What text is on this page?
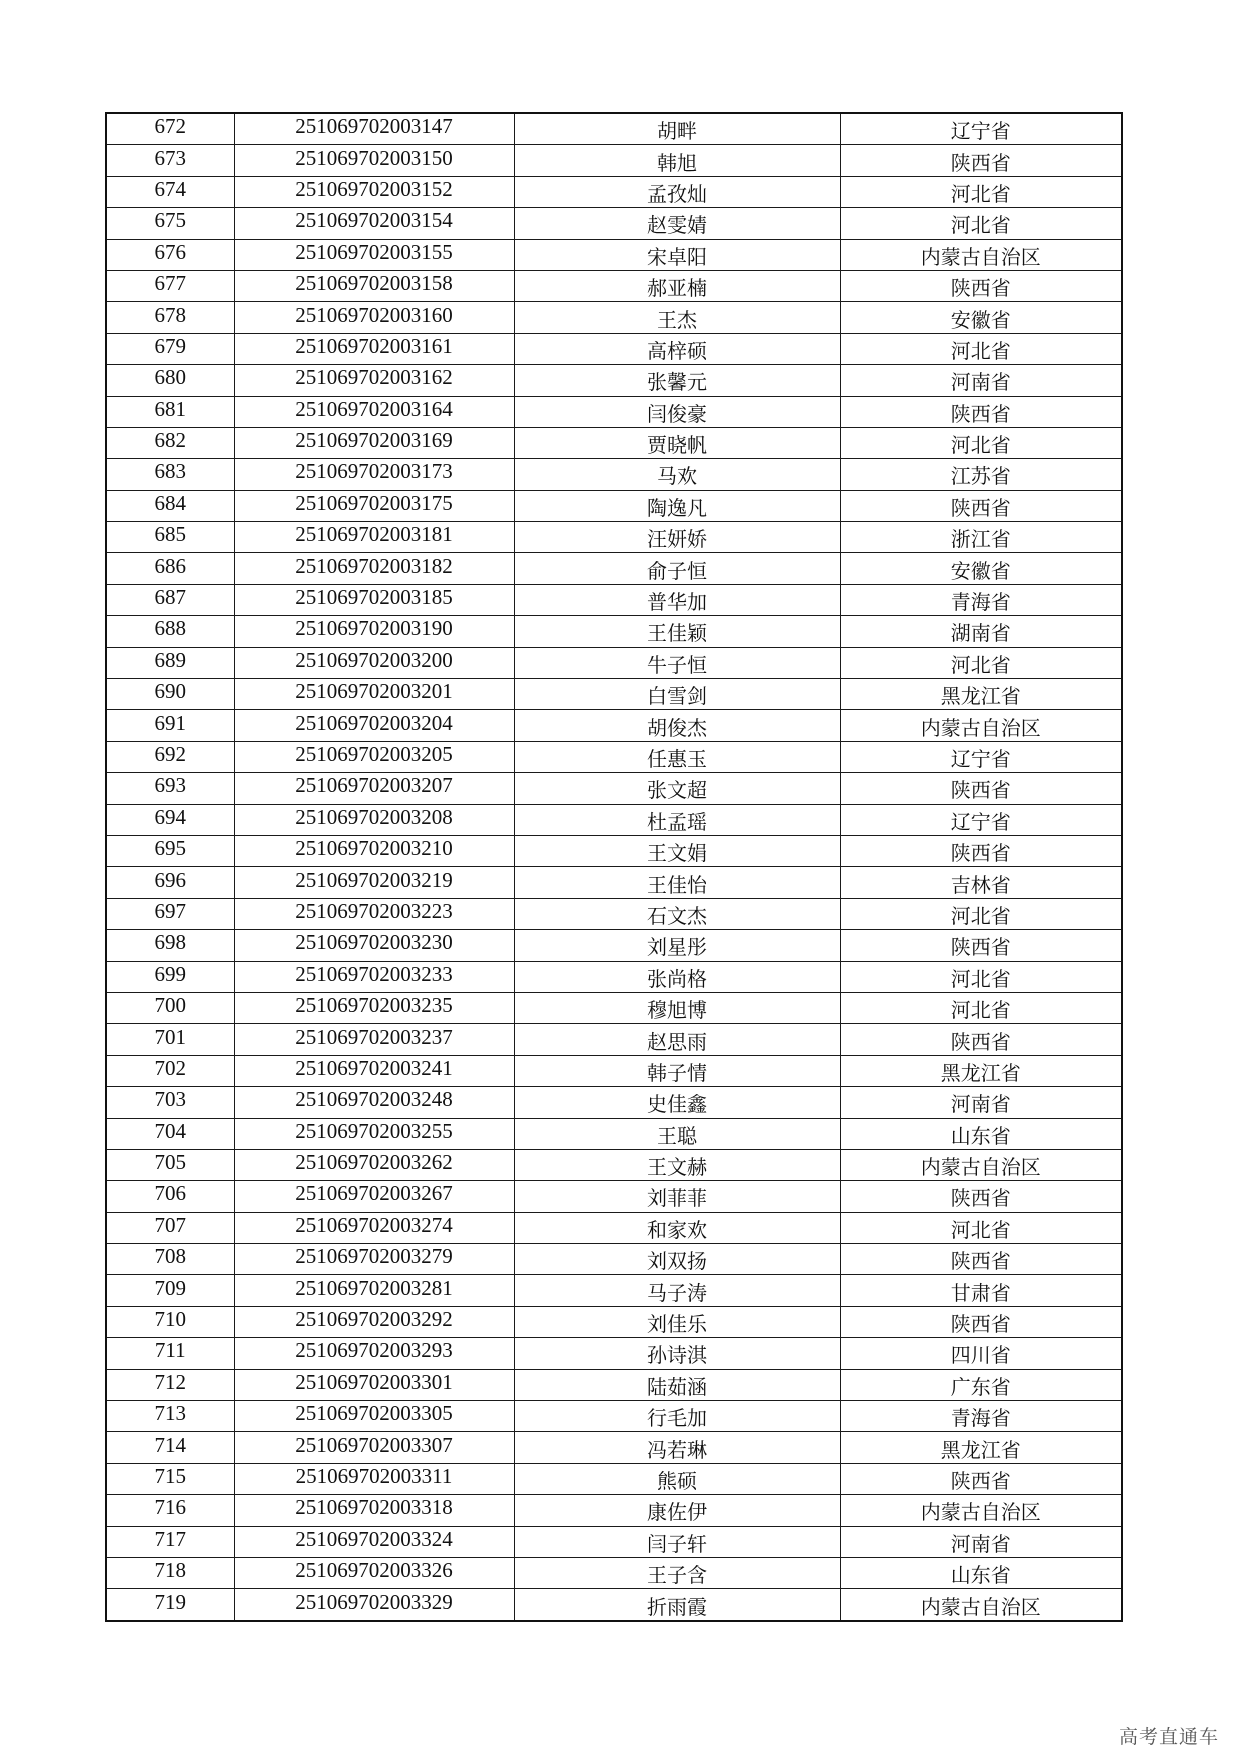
672	251069702003147	胡畔	辽宁省
673	251069702003150	韩旭	陕西省
674	251069702003152	孟孜灿	河北省
675	251069702003154	赵雯婧	河北省
676	251069702003155	宋卓阳	内蒙古自治区
677	251069702003158	郝亚楠	陕西省
678	251069702003160	王杰	安徽省
679	251069702003161	高梓硕	河北省
680	251069702003162	张馨元	河南省
681	251069702003164	闫俊豪	陕西省
682	251069702003169	贾晓帆	河北省
683	251069702003173	马欢	江苏省
684	251069702003175	陶逸凡	陕西省
685	251069702003181	汪妍娇	浙江省
686	251069702003182	俞子恒	安徽省
687	251069702003185	普华加	青海省
688	251069702003190	王佳颖	湖南省
689	251069702003200	牛子恒	河北省
690	251069702003201	白雪剑	黑龙江省
691	251069702003204	胡俊杰	内蒙古自治区
692	251069702003205	任惠玉	辽宁省
693	251069702003207	张文超	陕西省
694	251069702003208	杜孟瑶	辽宁省
695	251069702003210	王文娟	陕西省
696	251069702003219	王佳怡	吉林省
697	251069702003223	石文杰	河北省
698	251069702003230	刘星彤	陕西省
699	251069702003233	张尚格	河北省
700	251069702003235	穆旭博	河北省
701	251069702003237	赵思雨	陕西省
702	251069702003241	韩子情	黑龙江省
703	251069702003248	史佳鑫	河南省
704	251069702003255	王聪	山东省
705	251069702003262	王文赫	内蒙古自治区
706	251069702003267	刘菲菲	陕西省
707	251069702003274	和家欢	河北省
708	251069702003279	刘双扬	陕西省
709	251069702003281	马子涛	甘肃省
710	251069702003292	刘佳乐	陕西省
711	251069702003293	孙诗淇	四川省
712	251069702003301	陆茹涵	广东省
713	251069702003305	行毛加	青海省
714	251069702003307	冯若琳	黑龙江省
715	251069702003311	熊硕	陕西省
716	251069702003318	康佐伊	内蒙古自治区
717	251069702003324	闫子轩	河南省
718	251069702003326	王子含	山东省
719	251069702003329	折雨霞	内蒙古自治区
高考直通车
